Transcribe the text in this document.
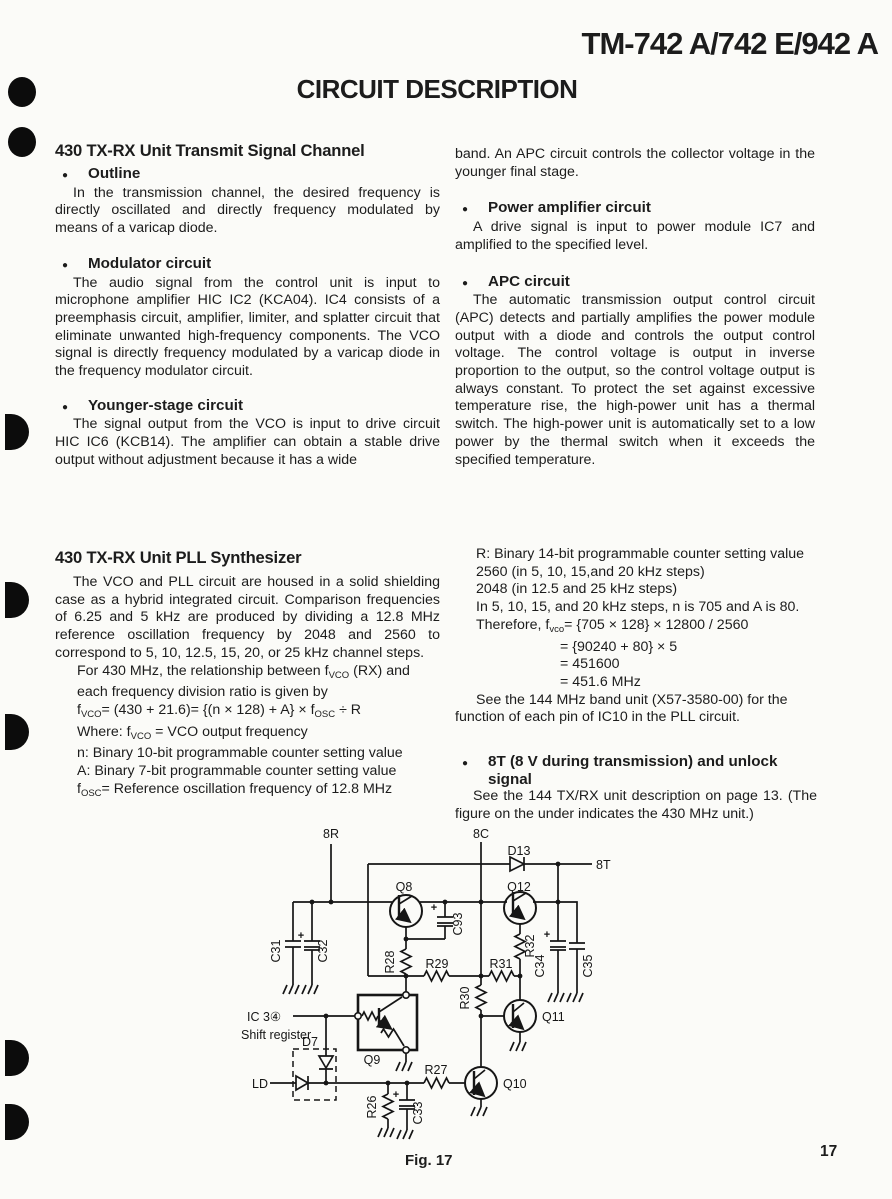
TM-742 A/742 E/942 A
CIRCUIT DESCRIPTION
430 TX-RX Unit Transmit Signal Channel
●	Outline

In the transmission channel, the desired frequency is directly oscillated and directly frequency modulated by means of a varicap diode.

●	Modulator circuit

The audio signal from the control unit is input to microphone amplifier HIC IC2 (KCA04). IC4 consists of a preemphasis circuit, amplifier, limiter, and splatter circuit that eliminate unwanted high-frequency components. The VCO signal is directly frequency modulated by a varicap diode in the frequency modulator circuit.

●	Younger-stage circuit

The signal output from the VCO is input to drive circuit HIC IC6 (KCB14). The amplifier can obtain a stable drive output without adjustment because it has a wide

band. An APC circuit controls the collector voltage in the younger final stage.

●	Power amplifier circuit

A drive signal is input to power module IC7 and amplified to the specified level.

●	APC circuit

The automatic transmission output control circuit (APC) detects and partially amplifies the power module output with a diode and controls the output control voltage. The control voltage is output in inverse proportion to the output, so the control voltage output is always constant. To protect the set against excessive temperature rise, the high-power unit has a thermal switch. The high-power unit is automatically set to a low power by the thermal switch when it exceeds the specified temperature.

430 TX-RX Unit PLL Synthesizer

The VCO and PLL circuit are housed in a solid shielding case as a hybrid integrated circuit. Comparison frequencies of 6.25 and 5 kHz are produced by dividing a 12.8 MHz reference oscillation frequency by 2048 and 2560 to correspond to 5, 10, 12.5, 15, 20, or 25 kHz channel steps.

For 430 MHz, the relationship between $f_{VCO}$ (RX) and each frequency division ratio is given by

$f_{VCO}= (430 + 21.6)= \{(n \times 128) + A\} \times f_{OSC} \div R$

Where: $f_{VCO}$ = VCO output frequency

n: Binary 10-bit programmable counter setting value

A: Binary 7-bit programmable counter setting value

$f_{OSC}=$ Reference oscillation frequency of 12.8 MHz

R: Binary 14-bit programmable counter setting value

2560 (in 5, 10, 15,and 20 kHz steps)

2048 (in 12.5 and 25 kHz steps)

In 5, 10, 15, and 20 kHz steps, n is 705 and A is 80.

Therefore, $f_{vco}= \{705 \times 128\} \times 12800 / 2560$

= {90240 + 80} × 5

= 451600

= 451.6 MHz

See the 144 MHz band unit (X57-3580-00) for the

function of each pin of IC10 in the PLL circuit.

●	8T (8 V during transmission) and unlock signal

See the 144 TX/RX unit description on page 13. (The figure on the under indicates the 430 MHz unit.)

8R	8C
8T
D13
C31
+
C32
Q8
+
C93
R28 R29	R31
R30
Q12
R32 +
C34	C35
Q11
IC 3④
Shift register
Q9
D7
LD
R27
R26
+
C33
Q10
Fig. 17
17
